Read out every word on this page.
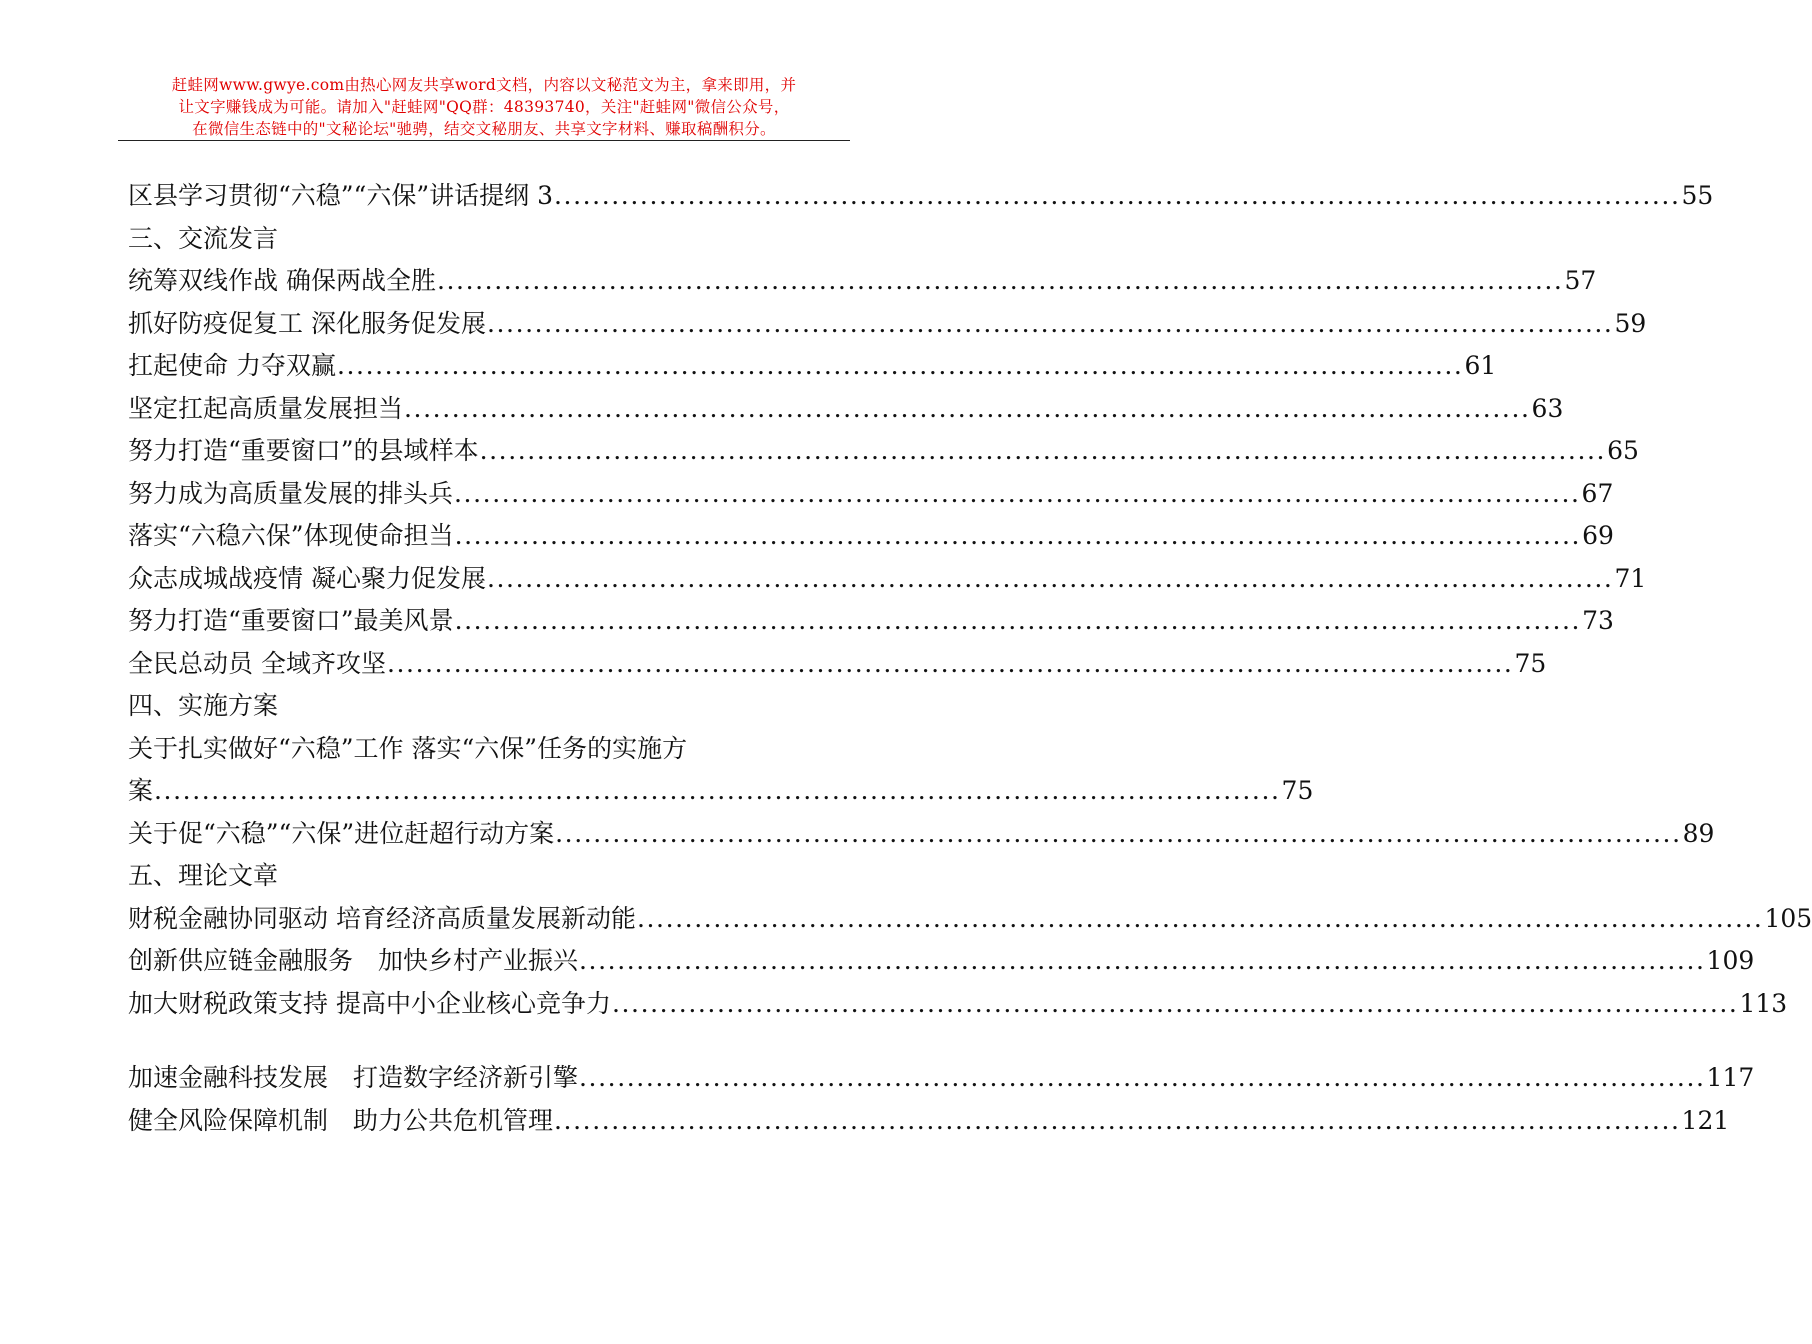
赶蛙网www.gwye.com由热心网友共享word文档，内容以文秘范文为主，拿来即用，并
让文字赚钱成为可能。请加入"赶蛙网"QQ群：48393740，关注"赶蛙网"微信公众号，
在微信生态链中的"文秘论坛"驰骋，结交文秘朋友、共享文字材料、赚取稿酬积分。
区县学习贯彻“六稳”“六保”讲话提纲 3 ...................................................................................................................... 55
三、交流发言
统筹双线作战 确保两战全胜 ...................................................................................................................... 57
抓好防疫促复工 深化服务促发展 ...................................................................................................................... 59
扛起使命 力夺双赢 ...................................................................................................................... 61
坚定扛起高质量发展担当 ...................................................................................................................... 63
努力打造“重要窗口”的县域样本 ...................................................................................................................... 65
努力成为高质量发展的排头兵 ...................................................................................................................... 67
落实“六稳六保”体现使命担当 ...................................................................................................................... 69
众志成城战疫情 凝心聚力促发展 ...................................................................................................................... 71
努力打造“重要窗口”最美风景 ...................................................................................................................... 73
全民总动员 全域齐攻坚 ...................................................................................................................... 75
四、实施方案
关于扎实做好“六稳”工作 落实“六保”任务的实施方
案 ...................................................................................................................... 75
关于促“六稳”“六保”进位赶超行动方案 ...................................................................................................................... 89
五、理论文章
财税金融协同驱动 培育经济高质量发展新动能 ...................................................................................................................... 105
创新供应链金融服务　加快乡村产业振兴 ...................................................................................................................... 109
加大财税政策支持 提高中小企业核心竞争力 ...................................................................................................................... 113
加速金融科技发展　打造数字经济新引擎 ...................................................................................................................... 117
健全风险保障机制　助力公共危机管理 ...................................................................................................................... 121
